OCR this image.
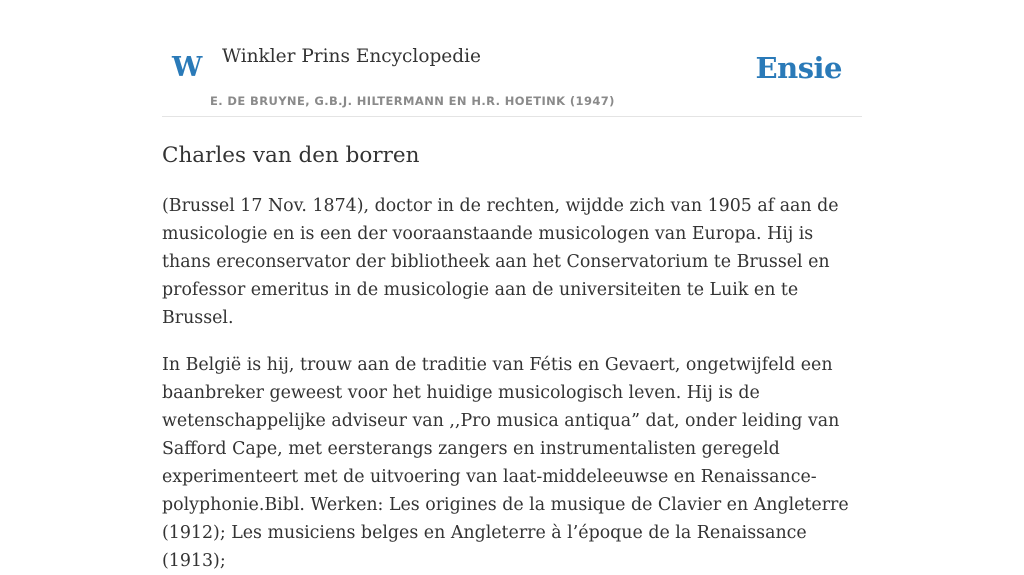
W Winkler Prins Encyclopedie
E. DE BRUYNE, G.B.J. HILTERMANN EN H.R. HOETINK (1947)
Ensie
Charles van den borren

(Brussel 17 Nov. 1874), doctor in de rechten, wijdde zich van 1905 af aan de musicologie en is een der vooraanstaande musicologen van Europa. Hij is thans ereconservator der bibliotheek aan het Conservatorium te Brussel en professor emeritus in de musicologie aan de universiteiten te Luik en te Brussel.

In België is hij, trouw aan de traditie van Fétis en Gevaert, ongetwijfeld een baanbreker geweest voor het huidige musicologisch leven. Hij is de wetenschappelijke adviseur van ,,Pro musica antiqua” dat, onder leiding van Safford Cape, met eersterangs zangers en instrumentalisten geregeld experimenteert met de uitvoering van laat-middeleeuwse en Renaissance-polyphonie.Bibl. Werken: Les origines de la musique de Clavier en Angleterre (1912); Les musiciens belges en Angleterre à l’époque de la Renaissance (1913);
